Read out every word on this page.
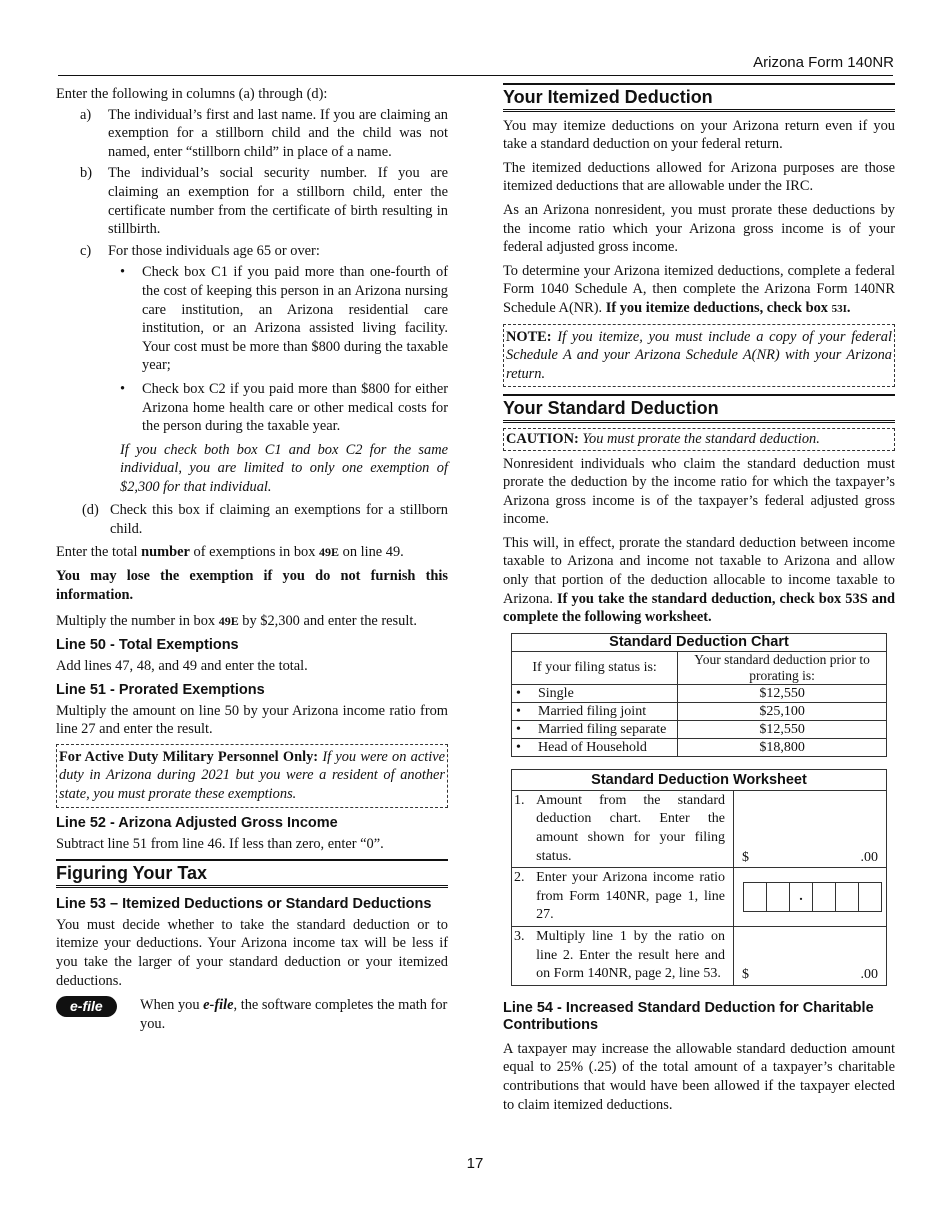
Arizona Form 140NR

Enter the following in columns (a) through (d):

a)	The individual’s first and last name. If you are claiming an exemption for a stillborn child and the child was not named, enter “stillborn child” in place of a name.
b)	The individual’s social security number. If you are claiming an exemption for a stillborn child, enter the certificate number from the certificate of birth resulting in stillbirth.
c)	For those individuals age 65 or over:
•	Check box C1 if you paid more than one-fourth of the cost of keeping this person in an Arizona nursing care institution, an Arizona residential care institution, or an Arizona assisted living facility. Your cost must be more than $800 during the taxable year;
•	Check box C2 if you paid more than $800 for either Arizona home health care or other medical costs for the person during the taxable year.

If you check both box C1 and box C2 for the same individual, you are limited to only one exemption of $2,300 for that individual.

(d) Check this box if claiming an exemptions for a stillborn child.

Enter the total number of exemptions in box 49E on line 49.

You may lose the exemption if you do not furnish this information.

Multiply the number in box 49E by $2,300 and enter the result.

Line 50 - Total Exemptions

Add lines 47, 48, and 49 and enter the total.

Line 51 - Prorated Exemptions

Multiply the amount on line 50 by your Arizona income ratio from line 27 and enter the result.

For Active Duty Military Personnel Only: If you were on active duty in Arizona during 2021 but you were a resident of another state, you must prorate these exemptions.
Line 52 - Arizona Adjusted Gross Income

Subtract line 51 from line 46. If less than zero, enter “0”.

Figuring Your Tax
Line 53 – Itemized Deductions or Standard Deductions

You must decide whether to take the standard deduction or to itemize your deductions. Your Arizona income tax will be less if you take the larger of your standard deduction or your itemized deductions.

e-file	When you e-file, the software completes the math for you.
Your Itemized Deduction

You may itemize deductions on your Arizona return even if you take a standard deduction on your federal return.

The itemized deductions allowed for Arizona purposes are those itemized deductions that are allowable under the IRC.

As an Arizona nonresident, you must prorate these deductions by the income ratio which your Arizona gross income is of your federal adjusted gross income.

To determine your Arizona itemized deductions, complete a federal Form 1040 Schedule A, then complete the Arizona Form 140NR Schedule A(NR). If you itemize deductions, check box 53I.

NOTE: If you itemize, you must include a copy of your federal Schedule A and your Arizona Schedule A(NR) with your Arizona return.
Your Standard Deduction
CAUTION: You must prorate the standard deduction.

Nonresident individuals who claim the standard deduction must prorate the deduction by the income ratio for which the taxpayer’s Arizona gross income is of the taxpayer’s federal adjusted gross income.

This will, in effect, prorate the standard deduction between income taxable to Arizona and income not taxable to Arizona and allow only that portion of the deduction allocable to income taxable to Arizona. If you take the standard deduction, check box 53S and complete the following worksheet.

Standard Deduction Chart		
If your filing status is:		Your standard deduction prior to prorating is:
•	Single	$12,550
•	Married filing joint	$25,100
•	Married filing separate	$12,550
•	Head of Household	$18,800
Standard Deduction Worksheet		
1.	Amount from the standard deduction chart. Enter the amount shown for your filing status.	$ .00

2.	Enter your Arizona income ratio from Form 140NR, page 1, line 27.	.

3.	Multiply line 1 by the ratio on line 2. Enter the result here and on Form 140NR, page 2, line 53.	$ .00
Line 54 - Increased Standard Deduction for Charitable Contributions

A taxpayer may increase the allowable standard deduction amount equal to 25% (.25) of the total amount of a taxpayer’s charitable contributions that would have been allowed if the taxpayer elected to claim itemized deductions.

17
